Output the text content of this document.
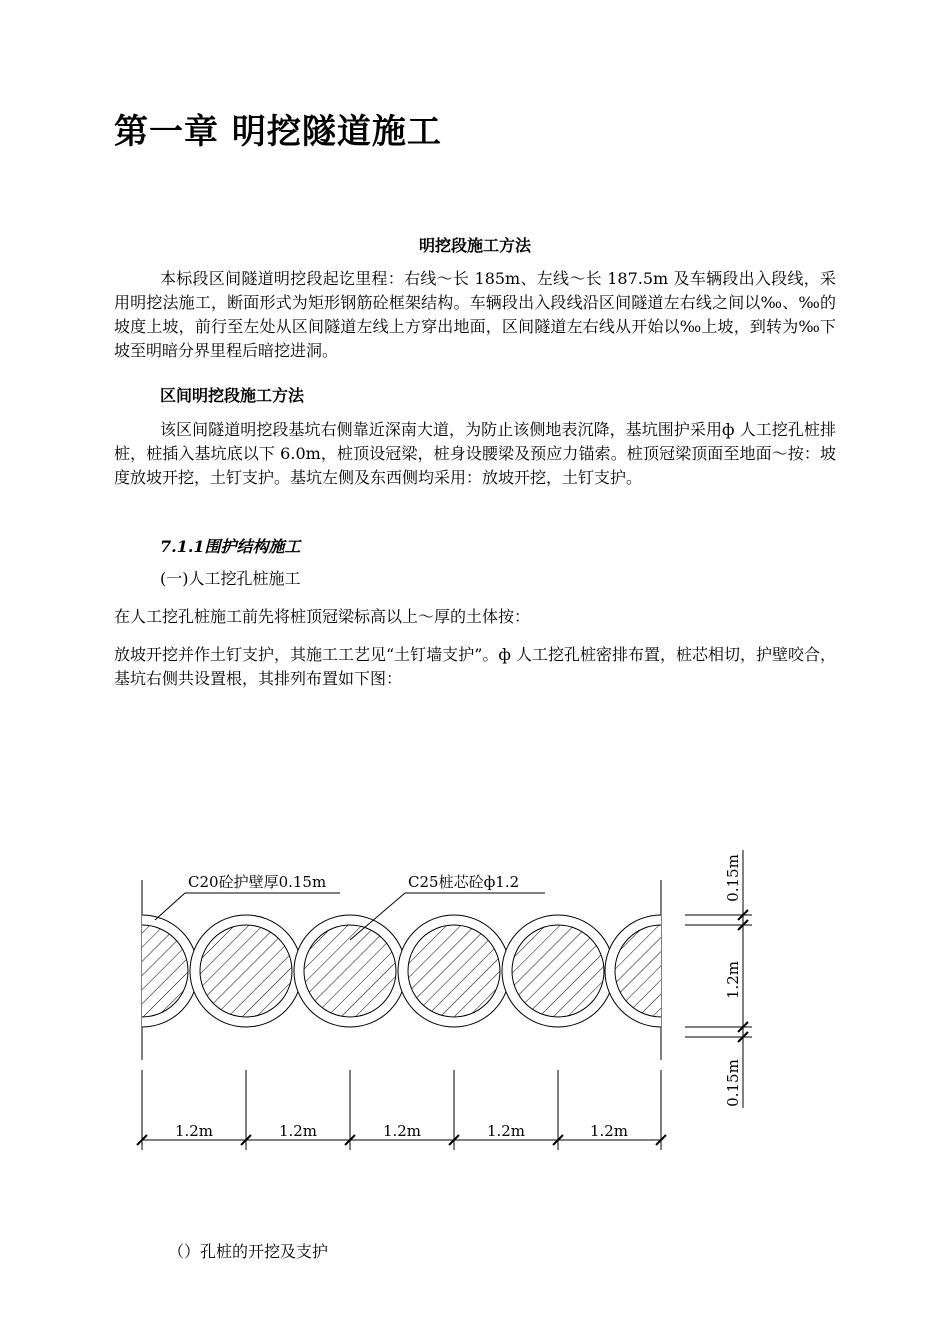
第一章 明挖隧道施工
明挖段施工方法

本标段区间隧道明挖段起讫里程：右线～长 185m、左线～长 187.5m 及车辆段出入段线，采用明挖法施工，断面形式为矩形钢筋砼框架结构。车辆段出入段线沿区间隧道左右线之间以‰、‰的坡度上坡，前行至左处从区间隧道左线上方穿出地面，区间隧道左右线从开始以‰上坡，到转为‰下坡至明暗分界里程后暗挖进洞。

区间明挖段施工方法

该区间隧道明挖段基坑右侧靠近深南大道，为防止该侧地表沉降，基坑围护采用ф 人工挖孔桩排桩，桩插入基坑底以下 6.0m，桩顶设冠梁，桩身设腰梁及预应力锚索。桩顶冠梁顶面至地面～按：坡度放坡开挖，土钉支护。基坑左侧及东西侧均采用：放坡开挖，土钉支护。

7.1.1围护结构施工

(一)人工挖孔桩施工

在人工挖孔桩施工前先将桩顶冠梁标高以上～厚的土体按：

放坡开挖并作土钉支护，其施工工艺见“土钉墙支护”。ф 人工挖孔桩密排布置，桩芯相切，护壁咬合，基坑右侧共设置根，其排列布置如下图：

C20砼护壁厚0.15m	C25桩芯砼ф1.2
1.2m	1.2m	1.2m	1.2m	1.2m
0.15m
1.2m
0.15m

（）孔桩的开挖及支护
